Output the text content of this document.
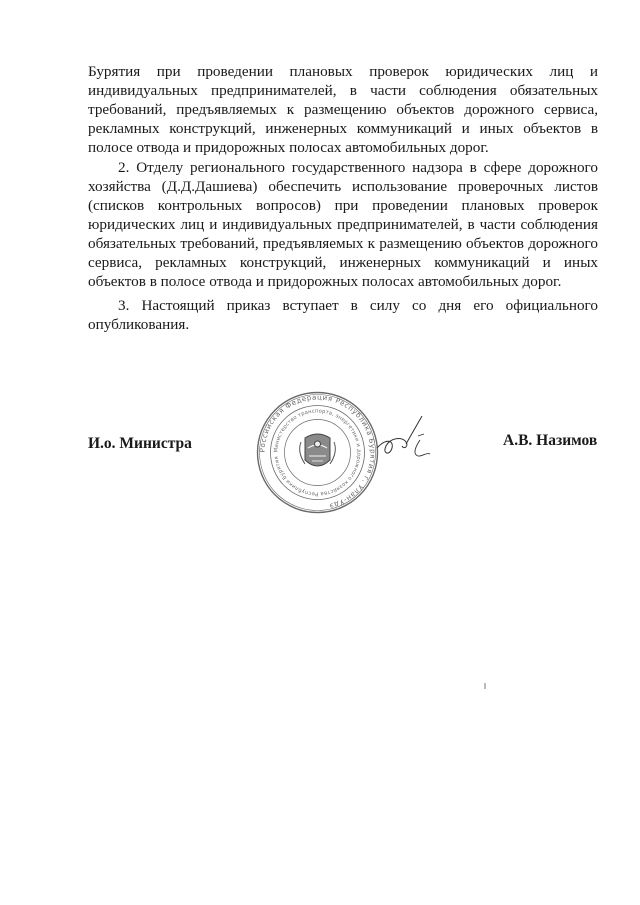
Бурятия при проведении плановых проверок юридических лиц и индивидуальных предпринимателей, в части соблюдения обязательных требований, предъявляемых к размещению объектов дорожного сервиса, рекламных конструкций, инженерных коммуникаций и иных объектов в полосе отвода и придорожных полосах автомобильных дорог.
2. Отделу регионального государственного надзора в сфере дорожного хозяйства (Д.Д.Дашиева) обеспечить использование проверочных листов (списков контрольных вопросов) при проведении плановых проверок юридических лиц и индивидуальных предпринимателей, в части соблюдения обязательных требований, предъявляемых к размещению объектов дорожного сервиса, рекламных конструкций, инженерных коммуникаций и иных объектов в полосе отвода и придорожных полосах автомобильных дорог.
3. Настоящий приказ вступает в силу со дня его официального опубликования.
И.о. Министра	Российская Федерация Республика Бурятия г. Улан-Удэ
Министерство транспорта, энергетики и дорожного хозяйства Республики Бурятия
А.В. Назимов
